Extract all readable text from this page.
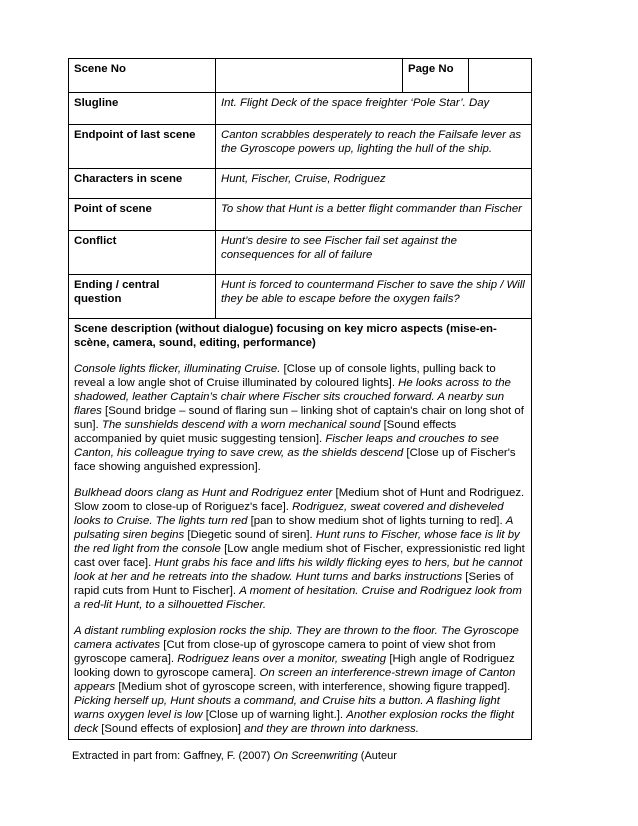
Scene No		Page No	
Slugline	Int. Flight Deck of the space freighter ‘Pole Star’. Day		
Endpoint of last scene	Canton scrabbles desperately to reach the Failsafe lever as the Gyroscope powers up, lighting the hull of the ship.		
Characters in scene	Hunt, Fischer, Cruise, Rodriguez		
Point of scene	To show that Hunt is a better flight commander than Fischer		
Conflict	Hunt’s desire to see Fischer fail set against the consequences for all of failure		
Ending / central question	Hunt is forced to countermand Fischer to save the ship / Will they be able to escape before the oxygen fails?		

Scene description (without dialogue) focusing on key micro aspects (mise-en-scène, camera, sound, editing, performance)
Console lights flicker, illuminating Cruise. [Close up of console lights, pulling back to reveal a low angle shot of Cruise illuminated by coloured lights]. He looks across to the shadowed, leather Captain’s chair where Fischer sits crouched forward. A nearby sun flares [Sound bridge – sound of flaring sun – linking shot of captain's chair on long shot of sun]. The sunshields descend with a worn mechanical sound [Sound effects accompanied by quiet music suggesting tension]. Fischer leaps and crouches to see Canton, his colleague trying to save crew, as the shields descend [Close up of Fischer's face showing anguished expression].
Bulkhead doors clang as Hunt and Rodriguez enter [Medium shot of Hunt and Rodriguez. Slow zoom to close-up of Roriguez's face]. Rodriguez, sweat covered and disheveled looks to Cruise. The lights turn red [pan to show medium shot of lights turning to red]. A pulsating siren begins [Diegetic sound of siren]. Hunt runs to Fischer, whose face is lit by the red light from the console [Low angle medium shot of Fischer, expressionistic red light cast over face]. Hunt grabs his face and lifts his wildly flicking eyes to hers, but he cannot look at her and he retreats into the shadow. Hunt turns and barks instructions [Series of rapid cuts from Hunt to Fischer]. A moment of hesitation. Cruise and Rodriguez look from a red-lit Hunt, to a silhouetted Fischer.
A distant rumbling explosion rocks the ship. They are thrown to the floor. The Gyroscope camera activates [Cut from close-up of gyroscope camera to point of view shot from gyroscope camera]. Rodriguez leans over a monitor, sweating [High angle of Rodriguez looking down to gyroscope camera]. On screen an interference-strewn image of Canton appears [Medium shot of gyroscope screen, with interference, showing figure trapped]. Picking herself up, Hunt shouts a command, and Cruise hits a button. A flashing light warns oxygen level is low [Close up of warning light.]. Another explosion rocks the flight deck [Sound effects of explosion] and they are thrown into darkness.			
Extracted in part from: Gaffney, F. (2007) On Screenwriting (Auteur
